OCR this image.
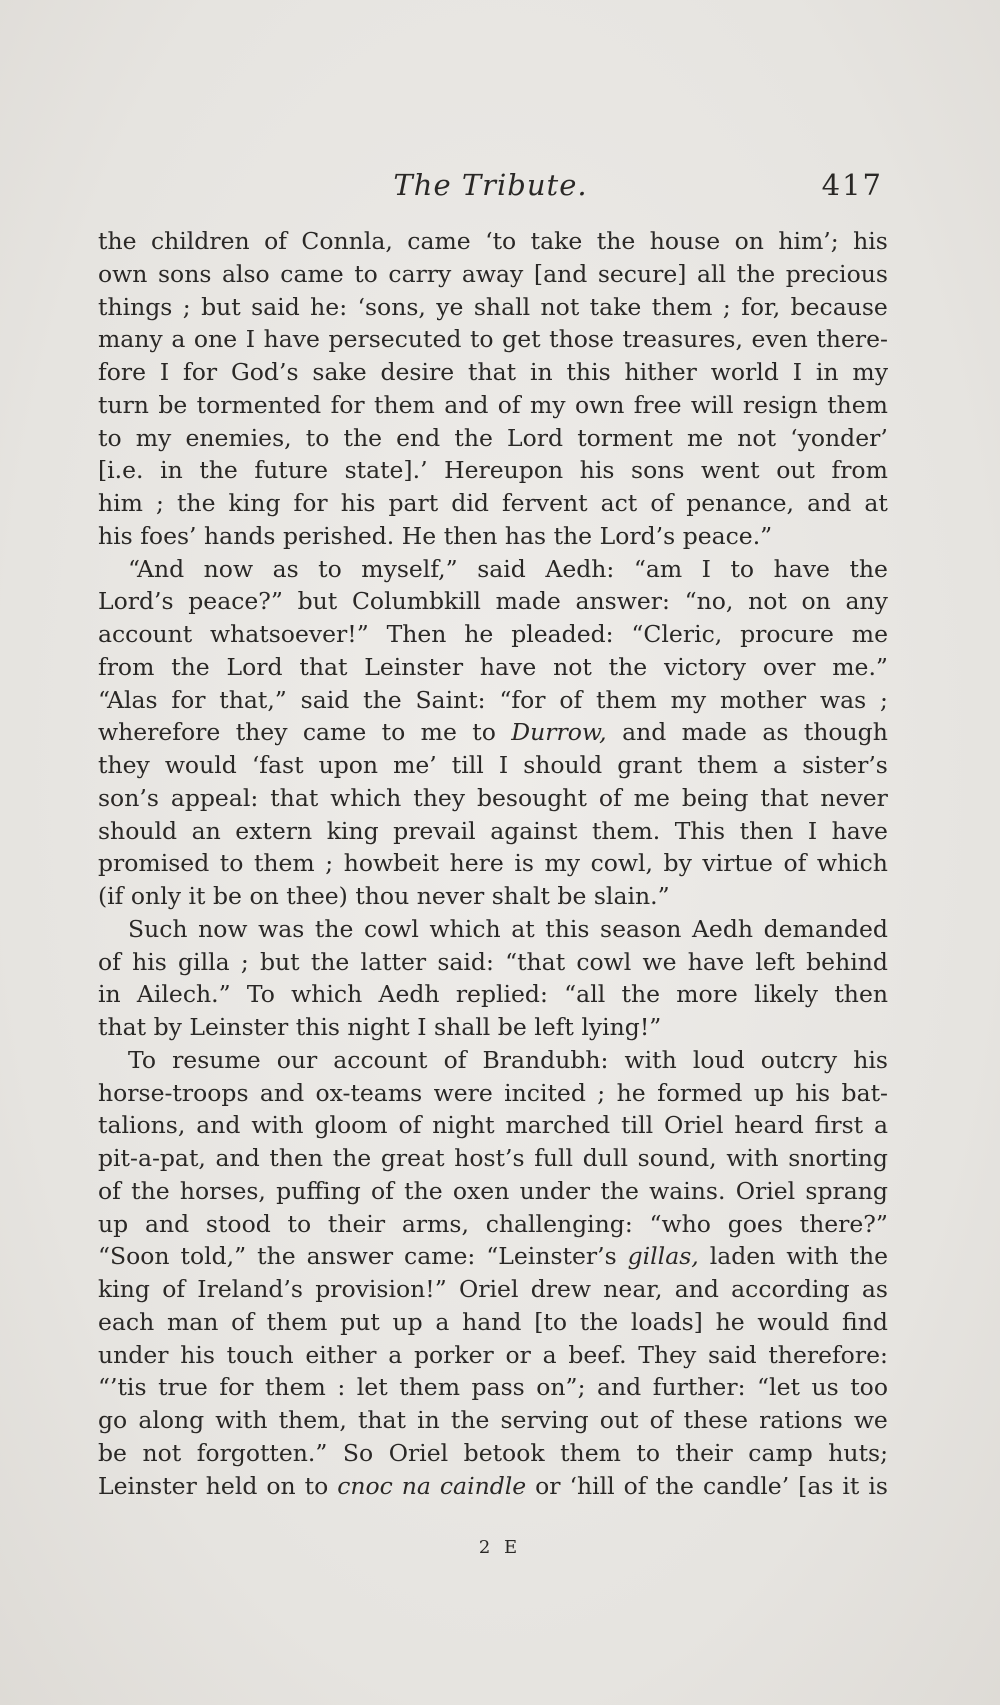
The Tribute.	417
the children of Connla, came ‘to take the house on him’; his
own sons also came to carry away [and secure] all the precious
things ; but said he: ‘sons, ye shall not take them ; for, because
many a one I have persecuted to get those treasures, even there-
fore I for God’s sake desire that in this hither world I in my
turn be tormented for them and of my own free will resign them
to my enemies, to the end the Lord torment me not ‘yonder’
[i.e. in the future state].’ Hereupon his sons went out from
him ; the king for his part did fervent act of penance, and at
his foes’ hands perished. He then has the Lord’s peace.”
“And now as to myself,” said Aedh: “am I to have the
Lord’s peace?” but Columbkill made answer: “no, not on any
account whatsoever!” Then he pleaded: “Cleric, procure me
from the Lord that Leinster have not the victory over me.”
“Alas for that,” said the Saint: “for of them my mother was ;
wherefore they came to me to Durrow, and made as though
they would ‘fast upon me’ till I should grant them a sister’s
son’s appeal: that which they besought of me being that never
should an extern king prevail against them. This then I have
promised to them ; howbeit here is my cowl, by virtue of which
(if only it be on thee) thou never shalt be slain.”
Such now was the cowl which at this season Aedh demanded
of his gilla ; but the latter said: “that cowl we have left behind
in Ailech.” To which Aedh replied: “all the more likely then
that by Leinster this night I shall be left lying!”
To resume our account of Brandubh: with loud outcry his
horse-troops and ox-teams were incited ; he formed up his bat-
talions, and with gloom of night marched till Oriel heard first a
pit-a-pat, and then the great host’s full dull sound, with snorting
of the horses, puffing of the oxen under the wains. Oriel sprang
up and stood to their arms, challenging: “who goes there?”
“Soon told,” the answer came: “Leinster’s gillas, laden with the
king of Ireland’s provision!” Oriel drew near, and according as
each man of them put up a hand [to the loads] he would find
under his touch either a porker or a beef. They said therefore:
“’tis true for them : let them pass on”; and further: “let us too
go along with them, that in the serving out of these rations we
be not forgotten.” So Oriel betook them to their camp huts;
Leinster held on to cnoc na caindle or ‘hill of the candle’ [as it is
2 E
